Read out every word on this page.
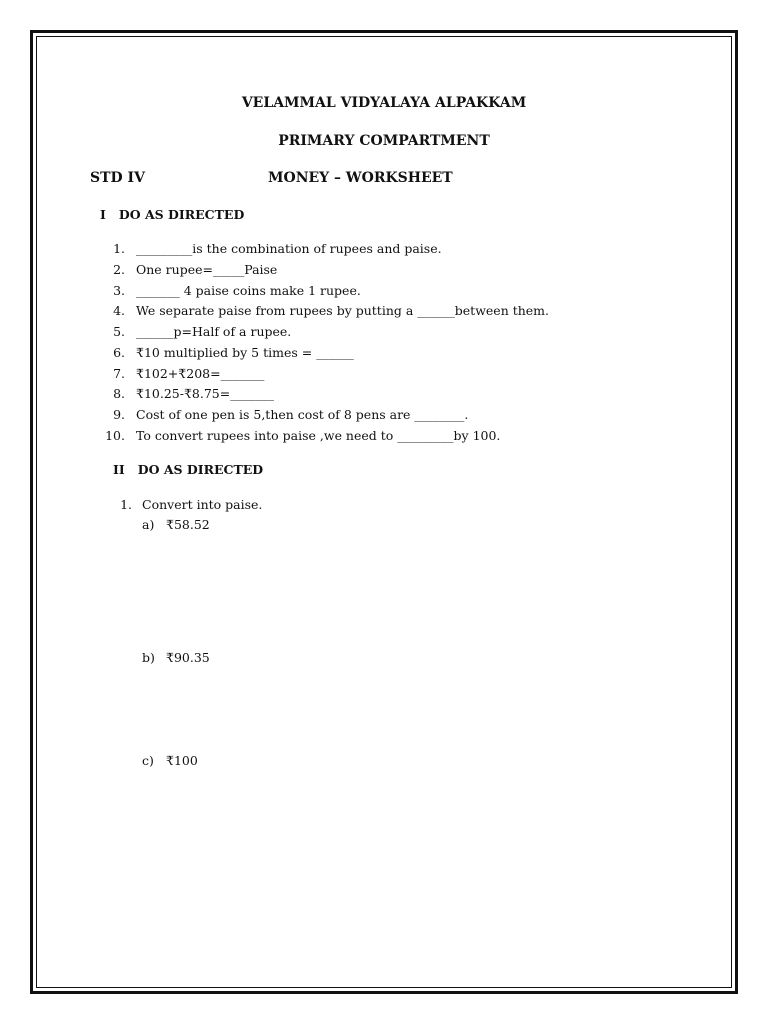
VELAMMAL VIDYALAYA ALPAKKAM
PRIMARY COMPARTMENT
STD IV	MONEY – WORKSHEET
I   DO AS DIRECTED
1. _________is the combination of rupees and paise.
2. One rupee=_____Paise
3. _______ 4 paise coins make 1 rupee.
4. We separate paise from rupees by putting a ______between them.
5. ______p=Half of a rupee.
6. ₹10 multiplied by 5 times = ______
7. ₹102+₹208=_______
8. ₹10.25-₹8.75=_______
9. Cost of one pen is 5,then cost of 8 pens are ________.
10. To convert rupees into paise ,we need to _________by 100.
II   DO AS DIRECTED
1. Convert into paise.
a) ₹58.52
b) ₹90.35
c) ₹100
